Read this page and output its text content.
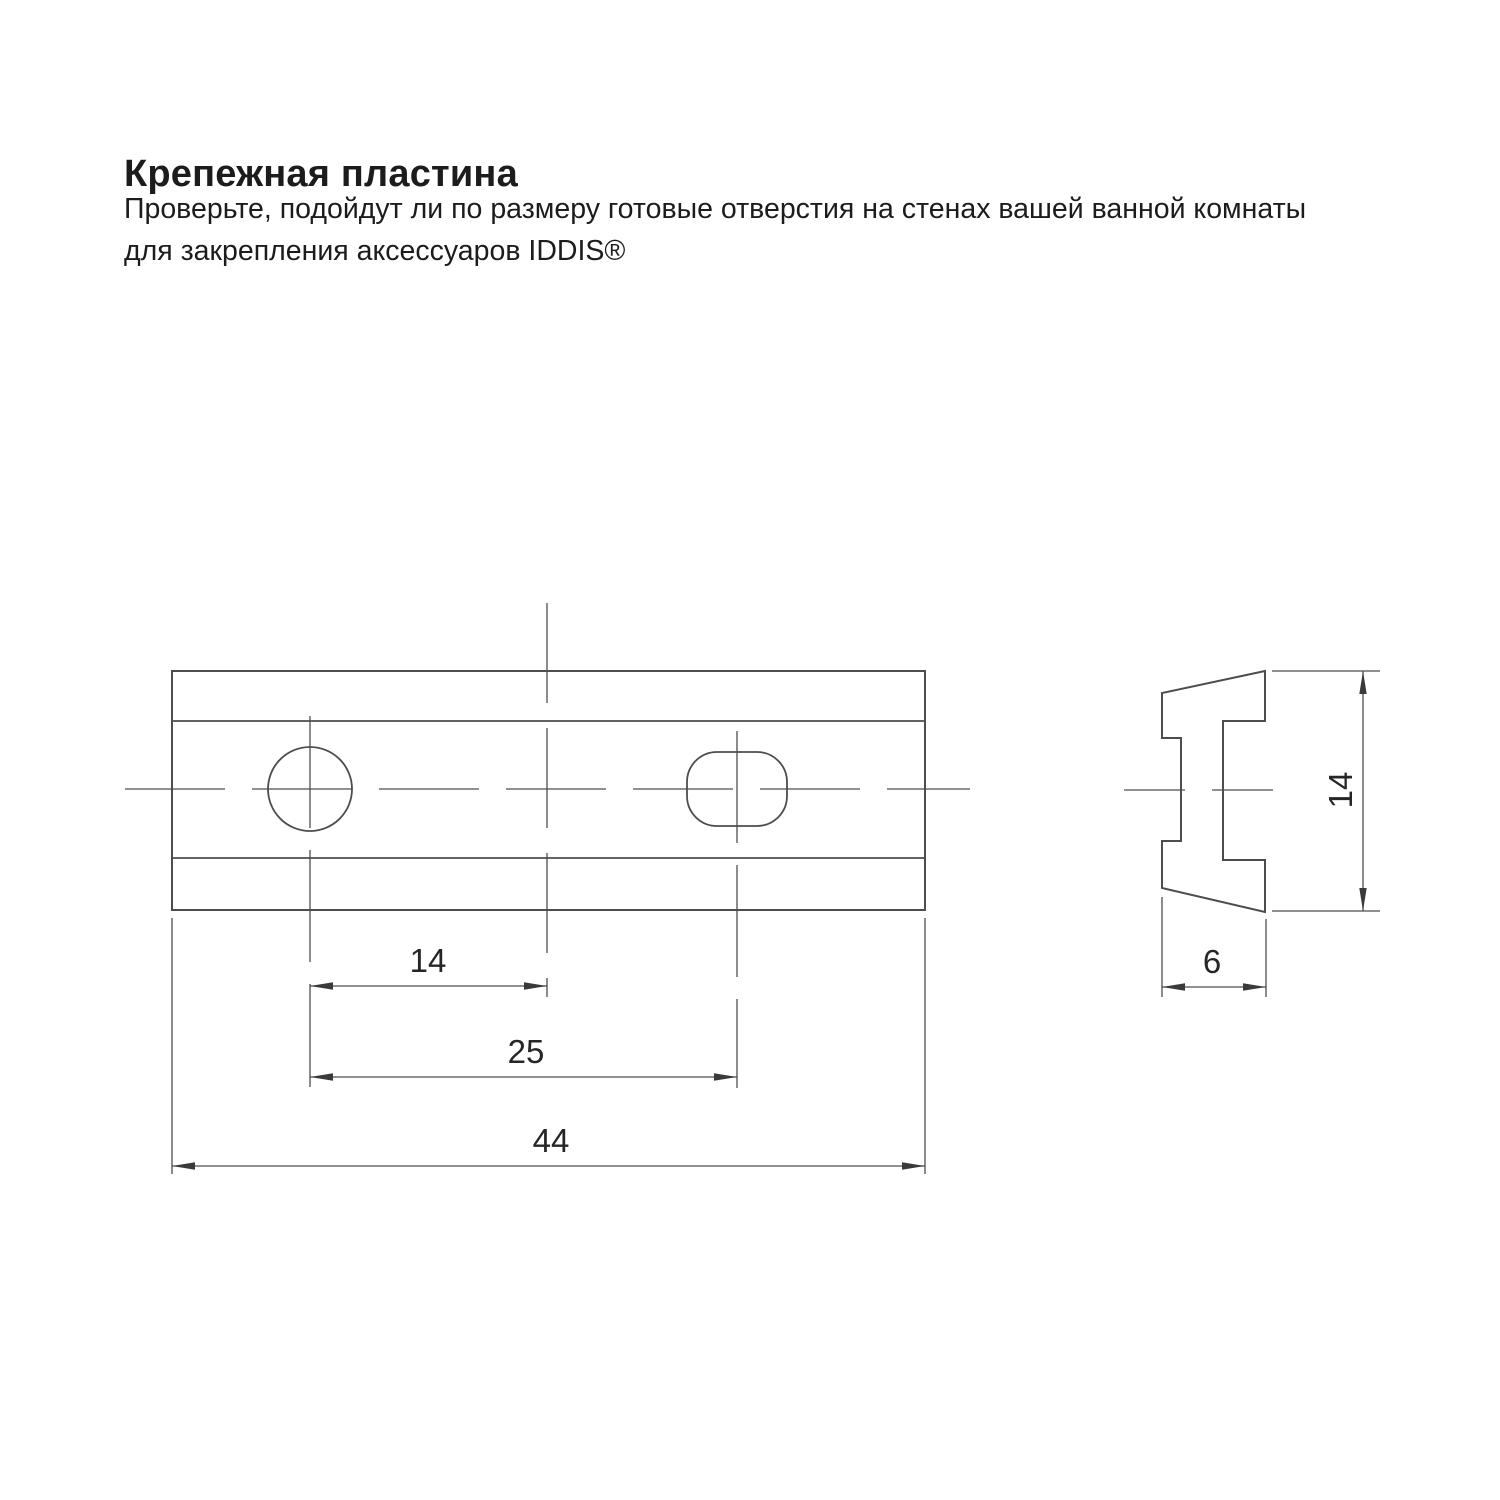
Крепежная пластина
Проверьте, подойдут ли по размеру готовые отверстия на стенах вашей ванной комнаты
для закрепления аксессуаров IDDIS®
14
25
44
14
6
